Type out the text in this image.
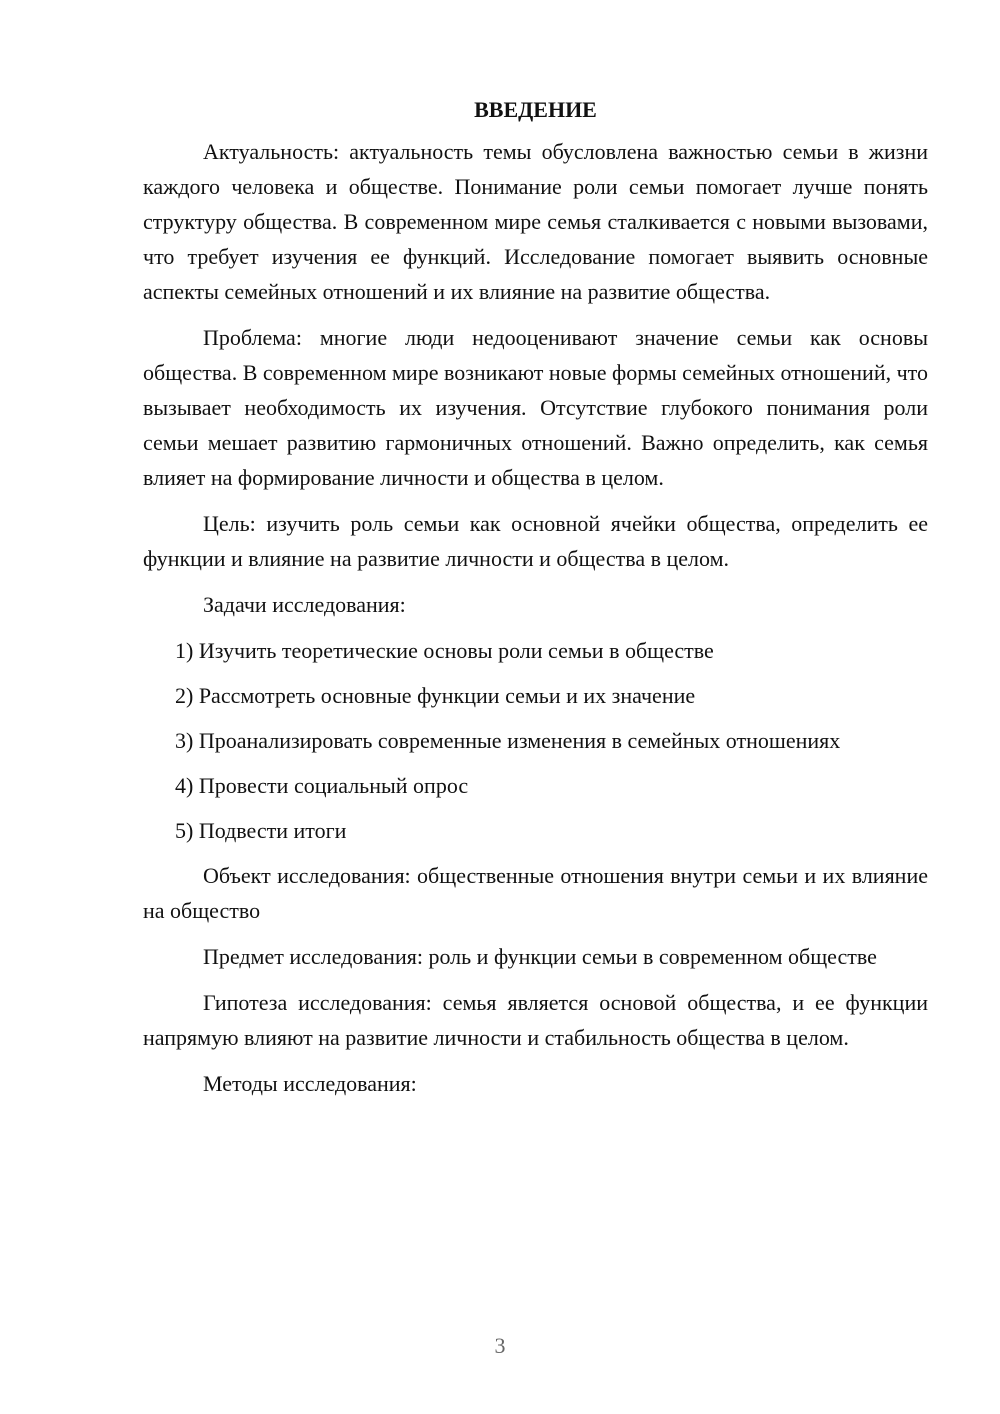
ВВЕДЕНИЕ

Актуальность: актуальность темы обусловлена важностью семьи в жизни каждого человека и обществе. Понимание роли семьи помогает лучше понять структуру общества. В современном мире семья сталкивается с новыми вызовами, что требует изучения ее функций. Исследование помогает выявить основные аспекты семейных отношений и их влияние на развитие общества.

Проблема: многие люди недооценивают значение семьи как основы общества. В современном мире возникают новые формы семейных отношений, что вызывает необходимость их изучения. Отсутствие глубокого понимания роли семьи мешает развитию гармоничных отношений. Важно определить, как семья влияет на формирование личности и общества в целом.

Цель: изучить роль семьи как основной ячейки общества, определить ее функции и влияние на развитие личности и общества в целом.

Задачи исследования:

1) Изучить теоретические основы роли семьи в обществе
2) Рассмотреть основные функции семьи и их значение
3) Проанализировать современные изменения в семейных отношениях
4) Провести социальный опрос
5) Подвести итоги

Объект исследования: общественные отношения внутри семьи и их влияние на общество

Предмет исследования: роль и функции семьи в современном обществе

Гипотеза исследования: семья является основой общества, и ее функции напрямую влияют на развитие личности и стабильность общества в целом.

Методы исследования:

3
